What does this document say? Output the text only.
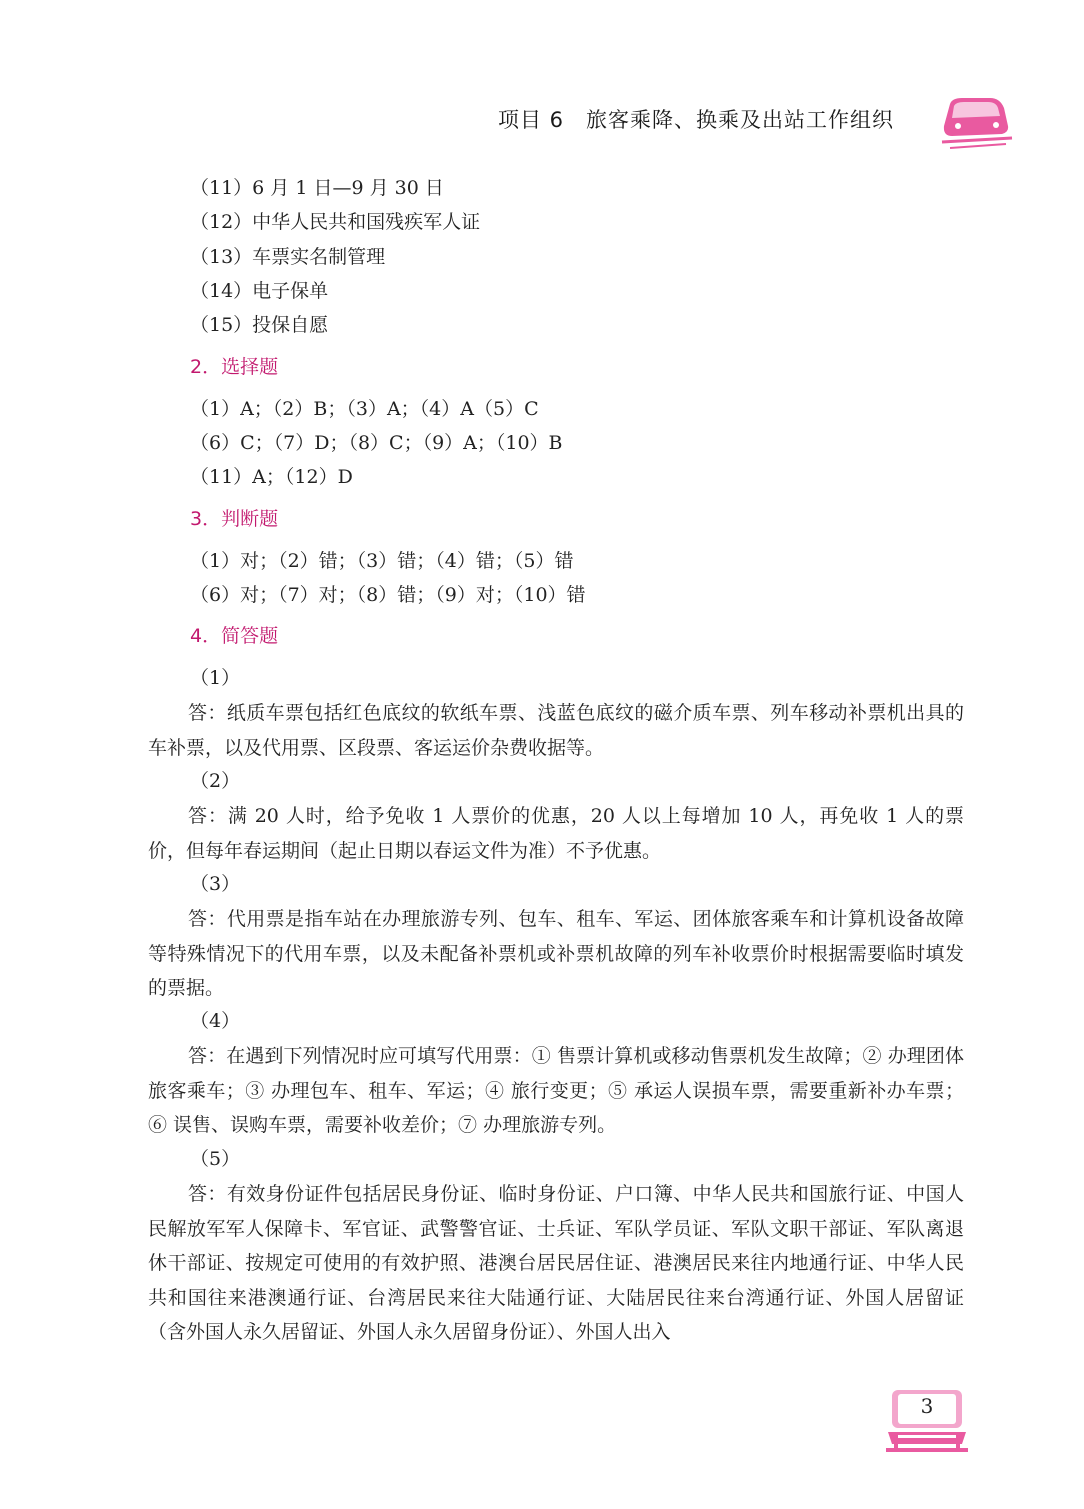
项目 6　旅客乘降、换乘及出站工作组织
（11）6 月 1 日—9 月 30 日
（12）中华人民共和国残疾军人证
（13）车票实名制管理
（14）电子保单
（15）投保自愿
2．选择题
（1）A；（2）B；（3）A；（4）A（5）C
（6）C；（7）D；（8）C；（9）A；（10）B
（11）A；（12）D
3．判断题
（1）对；（2）错；（3）错；（4）错；（5）错
（6）对；（7）对；（8）错；（9）对；（10）错
4．简答题
（1）
答：纸质车票包括红色底纹的软纸车票、浅蓝色底纹的磁介质车票、列车移动补票机出具的车补票，以及代用票、区段票、客运运价杂费收据等。
（2）
答：满 20 人时，给予免收 1 人票价的优惠，20 人以上每增加 10 人，再免收 1 人的票价，但每年春运期间（起止日期以春运文件为准）不予优惠。
（3）
答：代用票是指车站在办理旅游专列、包车、租车、军运、团体旅客乘车和计算机设备故障等特殊情况下的代用车票，以及未配备补票机或补票机故障的列车补收票价时根据需要临时填发的票据。
（4）
答：在遇到下列情况时应可填写代用票：① 售票计算机或移动售票机发生故障；② 办理团体旅客乘车；③ 办理包车、租车、军运；④ 旅行变更；⑤ 承运人误损车票，需要重新补办车票；⑥ 误售、误购车票，需要补收差价；⑦ 办理旅游专列。
（5）
答：有效身份证件包括居民身份证、临时身份证、户口簿、中华人民共和国旅行证、中国人民解放军军人保障卡、军官证、武警警官证、士兵证、军队学员证、军队文职干部证、军队离退休干部证、按规定可使用的有效护照、港澳台居民居住证、港澳居民来往内地通行证、中华人民共和国往来港澳通行证、台湾居民来往大陆通行证、大陆居民往来台湾通行证、外国人居留证（含外国人永久居留证、外国人永久居留身份证）、外国人出入
3
